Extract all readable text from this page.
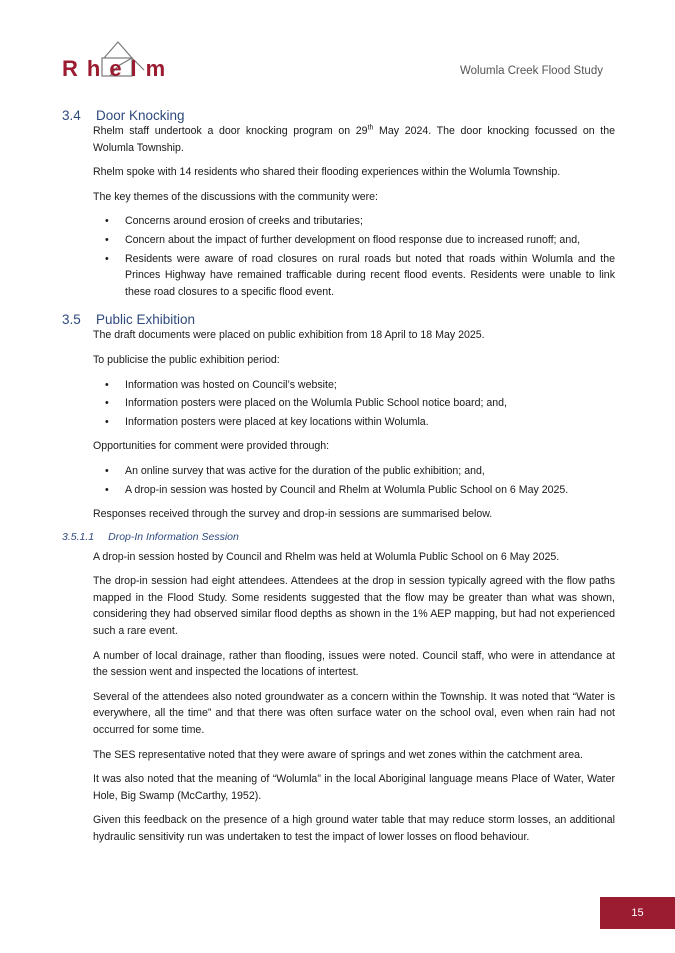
Rhelm	Wolumla Creek Flood Study
3.4 Door Knocking

Rhelm staff undertook a door knocking program on 29th May 2024. The door knocking focussed on the Wolumla Township.

Rhelm spoke with 14 residents who shared their flooding experiences within the Wolumla Township.

The key themes of the discussions with the community were:

• Concerns around erosion of creeks and tributaries;
• Concern about the impact of further development on flood response due to increased runoff; and,
• Residents were aware of road closures on rural roads but noted that roads within Wolumla and the Princes Highway have remained trafficable during recent flood events. Residents were unable to link these road closures to a specific flood event.
3.5 Public Exhibition

The draft documents were placed on public exhibition from 18 April to 18 May 2025.

To publicise the public exhibition period:

• Information was hosted on Council’s website;
• Information posters were placed on the Wolumla Public School notice board; and,
• Information posters were placed at key locations within Wolumla.

Opportunities for comment were provided through:

• An online survey that was active for the duration of the public exhibition; and,
• A drop-in session was hosted by Council and Rhelm at Wolumla Public School on 6 May 2025.

Responses received through the survey and drop-in sessions are summarised below.

3.5.1.1 Drop-In Information Session

A drop-in session hosted by Council and Rhelm was held at Wolumla Public School on 6 May 2025.

The drop-in session had eight attendees. Attendees at the drop in session typically agreed with the flow paths mapped in the Flood Study. Some residents suggested that the flow may be greater than what was shown, considering they had observed similar flood depths as shown in the 1% AEP mapping, but had not experienced such a rare event.

A number of local drainage, rather than flooding, issues were noted. Council staff, who were in attendance at the session went and inspected the locations of intertest.

Several of the attendees also noted groundwater as a concern within the Township. It was noted that “Water is everywhere, all the time” and that there was often surface water on the school oval, even when rain had not occurred for some time.

The SES representative noted that they were aware of springs and wet zones within the catchment area.

It was also noted that the meaning of “Wolumla” in the local Aboriginal language means Place of Water, Water Hole, Big Swamp (McCarthy, 1952).

Given this feedback on the presence of a high ground water table that may reduce storm losses, an additional hydraulic sensitivity run was undertaken to test the impact of lower losses on flood behaviour.

15
